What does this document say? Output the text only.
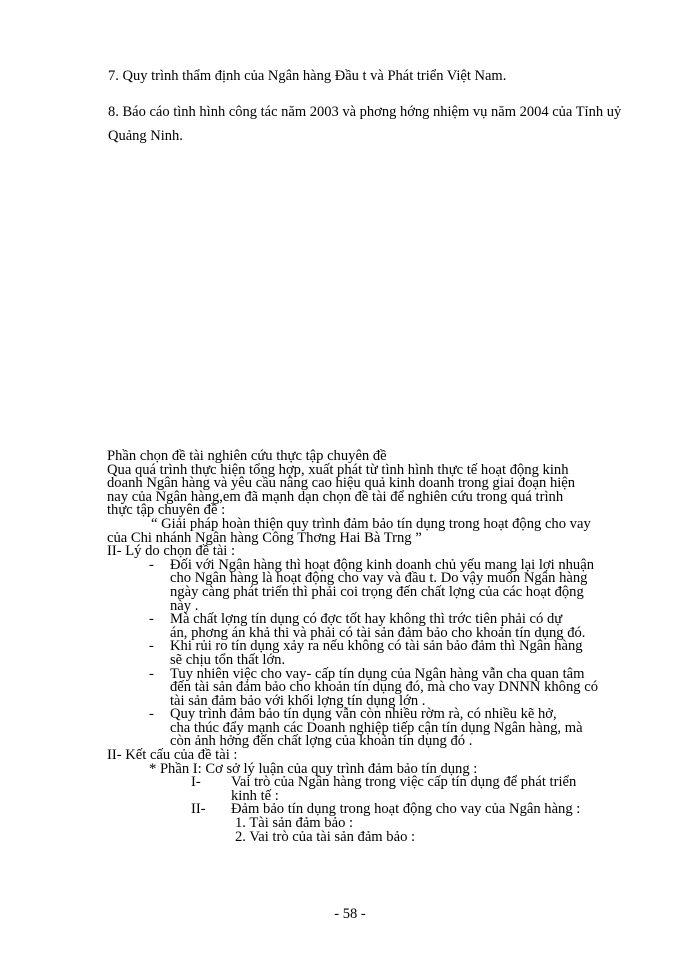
7. Quy trình thẩm định của Ngân hàng Đầu t và Phát triển Việt Nam.
8. Báo cáo tình hình công tác năm 2003 và phơng hớng nhiệm vụ năm 2004 của Tỉnh uỷ Quảng Ninh.
Phần chọn đề tài nghiên cứu thực tập chuyên đề
Qua quá trình thực hiện tổng hợp, xuất phát từ tình hình thực tế hoạt động kinh
doanh Ngân hàng và yêu cầu nâng cao hiệu quả kinh doanh trong giai đoạn hiện
nay của Ngân hàng,em đã mạnh dạn chọn đề tài để nghiên cứu trong quá trình
thực tập chuyên đề :
“ Giải pháp hoàn thiện quy trình đảm bảo tín dụng trong hoạt động cho vay
của Chi nhánh Ngân hàng Công Thơng Hai Bà Trng ”
II- Lý do chọn đề tài :
- Đối với Ngân hàng thì hoạt động kinh doanh chủ yếu mang lại lợi nhuận
cho Ngân hàng là hoạt động cho vay và đầu t. Do vậy muốn Ngân hàng
ngày càng phát triển thì phải coi trọng đến chất lợng của các hoạt động
này .
- Mà chất lợng tín dụng có đợc tốt hay không thì trớc tiên phải có dự
án, phơng án khả thi và phải có tài sản đảm bảo cho khoản tín dụng đó.
- Khi rủi ro tín dụng xảy ra nếu không có tài sản bảo đảm thì Ngân hàng
sẽ chịu tổn thất lớn.
- Tuy nhiên việc cho vay- cấp tín dụng của Ngân hàng vẫn cha quan tâm
đến tài sản đảm bảo cho khoản tín dụng đó, mà cho vay DNNN không có
tài sản đảm bảo với khối lợng tín dụng lớn .
- Quy trình đảm bảo tín dụng vẫn còn nhiều rờm rà, có nhiều kẽ hở,
cha thúc đẩy mạnh các Doanh nghiệp tiếp cận tín dụng Ngân hàng, mà
còn ảnh hởng đến chất lợng của khoản tín dụng đó .
II- Kết cấu của đề tài :
* Phần I: Cơ sở lý luận của quy trình đảm bảo tín dụng :
I- Vai trò của Ngân hàng trong việc cấp tín dụng để phát triển
kinh tế :
II- Đảm bảo tín dụng trong hoạt động cho vay của Ngân hàng :
1. Tài sản đảm bảo :
2. Vai trò của tài sản đảm bảo :
- 58 -
